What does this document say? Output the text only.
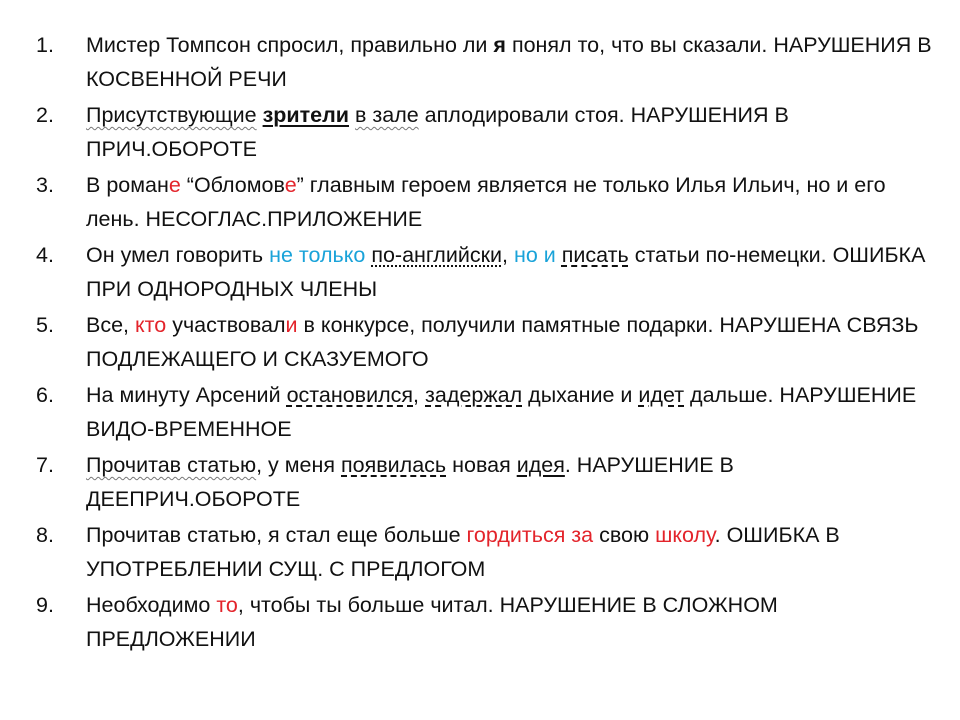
1.	Мистер Томпсон спросил, правильно ли я понял то, что вы сказали. НАРУШЕНИЯ В КОСВЕННОЙ РЕЧИ
2.	Присутствующие зрители в зале аплодировали стоя. НАРУШЕНИЯ В ПРИЧ.ОБОРОТЕ
3.	В романе “Обломове” главным героем является не только Илья Ильич, но и его лень. НЕСОГЛАС.ПРИЛОЖЕНИЕ
4.	Он умел говорить не только по-английски, но и писать статьи по-немецки. ОШИБКА ПРИ ОДНОРОДНЫХ ЧЛЕНЫ
5.	Все, кто участвовали в конкурсе, получили памятные подарки. НАРУШЕНА СВЯЗЬ ПОДЛЕЖАЩЕГО И СКАЗУЕМОГО
6.	На минуту Арсений остановился, задержал дыхание и идет дальше. НАРУШЕНИЕ ВИДО-ВРЕМЕННОЕ
7.	Прочитав статью, у меня появилась новая идея. НАРУШЕНИЕ В ДЕЕПРИЧ.ОБОРОТЕ
8.	Прочитав статью, я стал еще больше гордиться за свою школу. ОШИБКА В УПОТРЕБЛЕНИИ СУЩ. С ПРЕДЛОГОМ
9.	Необходимо то, чтобы ты больше читал. НАРУШЕНИЕ В СЛОЖНОМ ПРЕДЛОЖЕНИИ
